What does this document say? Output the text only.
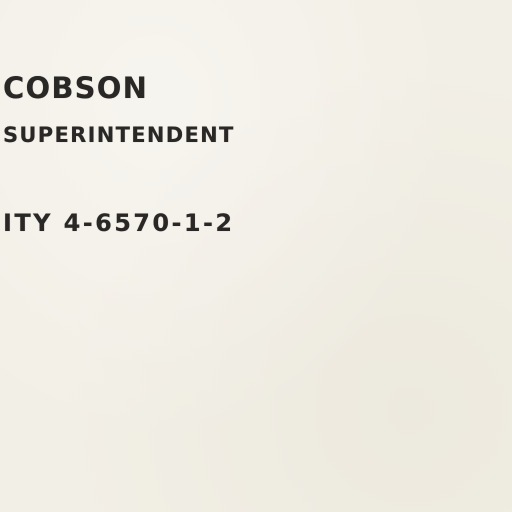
COBSON
SUPERINTENDENT
ITY 4-6570-1-2
